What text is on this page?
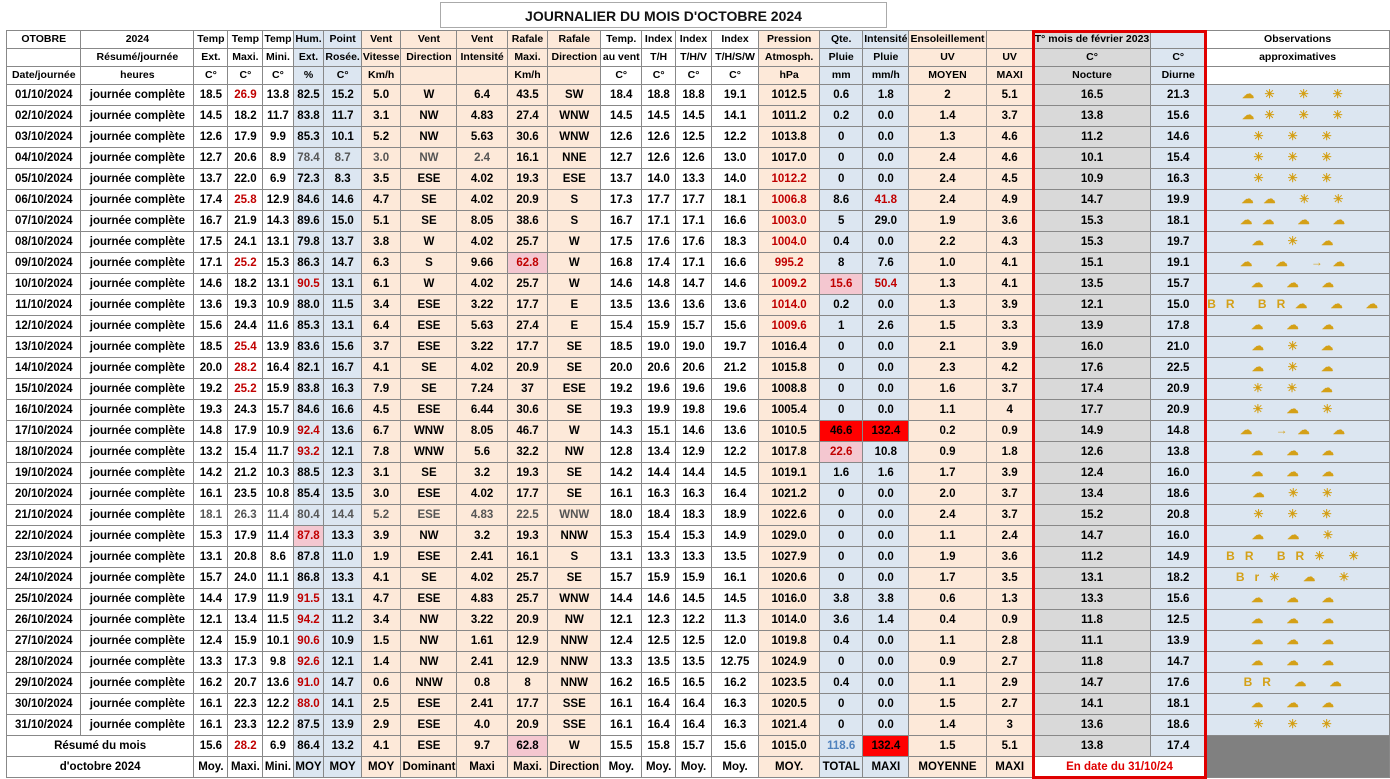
JOURNALIER DU MOIS D'OCTOBRE 2024
OTOBRE	2024	Temp	Temp	Temp	Hum.	Point	Vent	Vent	Vent	Rafale	Rafale	Temp.	Index	Index	Index	Pression	Qte.	Intensité	Ensoleillement		T° mois de février 2023		Observations
	Résumé/journée	Ext.	Maxi.	Mini.	Ext.	Rosée.	Vitesse	Direction	Intensité	Maxi.	Direction	au vent	T/H	T/H/V	T/H/S/W	Atmosph.	Pluie	Pluie	UV	UV	C°	C°	approximatives
Date/journée	heures	C°	C°	C°	%	C°	Km/h			Km/h		C°	C°	C°	C°	hPa	mm	mm/h	MOYEN	MAXI	Nocture	Diurne	
01/10/2024	journée complète	18.5	26.9	13.8	82.5	15.2	5.0	W	6.4	43.5	SW	18.4	18.8	18.8	19.1	1012.5	0.6	1.8	2	5.1	16.5	21.3	☁☀ ☀ ☀
02/10/2024	journée complète	14.5	18.2	11.7	83.8	11.7	3.1	NW	4.83	27.4	WNW	14.5	14.5	14.5	14.1	1011.2	0.2	0.0	1.4	3.7	13.8	15.6	☁☀ ☀ ☀
03/10/2024	journée complète	12.6	17.9	9.9	85.3	10.1	5.2	NW	5.63	30.6	WNW	12.6	12.6	12.5	12.2	1013.8	0	0.0	1.3	4.6	11.2	14.6	☀ ☀ ☀
04/10/2024	journée complète	12.7	20.6	8.9	78.4	8.7	3.0	NW	2.4	16.1	NNE	12.7	12.6	12.6	13.0	1017.0	0	0.0	2.4	4.6	10.1	15.4	☀ ☀ ☀
05/10/2024	journée complète	13.7	22.0	6.9	72.3	8.3	3.5	ESE	4.02	19.3	ESE	13.7	14.0	13.3	14.0	1012.2	0	0.0	2.4	4.5	10.9	16.3	☀ ☀ ☀
06/10/2024	journée complète	17.4	25.8	12.9	84.6	14.6	4.7	SE	4.02	20.9	S	17.3	17.7	17.7	18.1	1006.8	8.6	41.8	2.4	4.9	14.7	19.9	☁☁ ☀ ☀
07/10/2024	journée complète	16.7	21.9	14.3	89.6	15.0	5.1	SE	8.05	38.6	S	16.7	17.1	17.1	16.6	1003.0	5	29.0	1.9	3.6	15.3	18.1	☁☁ ☁ ☁
08/10/2024	journée complète	17.5	24.1	13.1	79.8	13.7	3.8	W	4.02	25.7	W	17.5	17.6	17.6	18.3	1004.0	0.4	0.0	2.2	4.3	15.3	19.7	☁ ☀ ☁
09/10/2024	journée complète	17.1	25.2	15.3	86.3	14.7	6.3	S	9.66	62.8	W	16.8	17.4	17.1	16.6	995.2	8	7.6	1.0	4.1	15.1	19.1	☁ ☁ →☁
10/10/2024	journée complète	14.6	18.2	13.1	90.5	13.1	6.1	W	4.02	25.7	W	14.6	14.8	14.7	14.6	1009.2	15.6	50.4	1.3	4.1	13.5	15.7	☁ ☁ ☁
11/10/2024	journée complète	13.6	19.3	10.9	88.0	11.5	3.4	ESE	3.22	17.7	E	13.5	13.6	13.6	13.6	1014.0	0.2	0.0	1.3	3.9	12.1	15.0	BR BR☁ ☁ ☁
12/10/2024	journée complète	15.6	24.4	11.6	85.3	13.1	6.4	ESE	5.63	27.4	E	15.4	15.9	15.7	15.6	1009.6	1	2.6	1.5	3.3	13.9	17.8	☁ ☁ ☁
13/10/2024	journée complète	18.5	25.4	13.9	83.6	15.6	3.7	ESE	3.22	17.7	SE	18.5	19.0	19.0	19.7	1016.4	0	0.0	2.1	3.9	16.0	21.0	☁ ☀ ☁
14/10/2024	journée complète	20.0	28.2	16.4	82.1	16.7	4.1	SE	4.02	20.9	SE	20.0	20.6	20.6	21.2	1015.8	0	0.0	2.3	4.2	17.6	22.5	☁ ☀ ☁
15/10/2024	journée complète	19.2	25.2	15.9	83.8	16.3	7.9	SE	7.24	37	ESE	19.2	19.6	19.6	19.6	1008.8	0	0.0	1.6	3.7	17.4	20.9	☀ ☀ ☁
16/10/2024	journée complète	19.3	24.3	15.7	84.6	16.6	4.5	ESE	6.44	30.6	SE	19.3	19.9	19.8	19.6	1005.4	0	0.0	1.1	4	17.7	20.9	☀ ☁ ☀
17/10/2024	journée complète	14.8	17.9	10.9	92.4	13.6	6.7	WNW	8.05	46.7	W	14.3	15.1	14.6	13.6	1010.5	46.6	132.4	0.2	0.9	14.9	14.8	☁ →☁ ☁
18/10/2024	journée complète	13.2	15.4	11.7	93.2	12.1	7.8	WNW	5.6	32.2	NW	12.8	13.4	12.9	12.2	1017.8	22.6	10.8	0.9	1.8	12.6	13.8	☁ ☁ ☁
19/10/2024	journée complète	14.2	21.2	10.3	88.5	12.3	3.1	SE	3.2	19.3	SE	14.2	14.4	14.4	14.5	1019.1	1.6	1.6	1.7	3.9	12.4	16.0	☁ ☁ ☁
20/10/2024	journée complète	16.1	23.5	10.8	85.4	13.5	3.0	ESE	4.02	17.7	SE	16.1	16.3	16.3	16.4	1021.2	0	0.0	2.0	3.7	13.4	18.6	☁ ☀ ☀
21/10/2024	journée complète	18.1	26.3	11.4	80.4	14.4	5.2	ESE	4.83	22.5	WNW	18.0	18.4	18.3	18.9	1022.6	0	0.0	2.4	3.7	15.2	20.8	☀ ☀ ☀
22/10/2024	journée complète	15.3	17.9	11.4	87.8	13.3	3.9	NW	3.2	19.3	NNW	15.3	15.4	15.3	14.9	1029.0	0	0.0	1.1	2.4	14.7	16.0	☁ ☁ ☀
23/10/2024	journée complète	13.1	20.8	8.6	87.8	11.0	1.9	ESE	2.41	16.1	S	13.1	13.3	13.3	13.5	1027.9	0	0.0	1.9	3.6	11.2	14.9	BR BR☀ ☀
24/10/2024	journée complète	15.7	24.0	11.1	86.8	13.3	4.1	SE	4.02	25.7	SE	15.7	15.9	15.9	16.1	1020.6	0	0.0	1.7	3.5	13.1	18.2	Br☀ ☁ ☀
25/10/2024	journée complète	14.4	17.9	11.9	91.5	13.1	4.7	ESE	4.83	25.7	WNW	14.4	14.6	14.5	14.5	1016.0	3.8	3.8	0.6	1.3	13.3	15.6	☁ ☁ ☁
26/10/2024	journée complète	12.1	13.4	11.5	94.2	11.2	3.4	NW	3.22	20.9	NW	12.1	12.3	12.2	11.3	1014.0	3.6	1.4	0.4	0.9	11.8	12.5	☁ ☁ ☁
27/10/2024	journée complète	12.4	15.9	10.1	90.6	10.9	1.5	NW	1.61	12.9	NNW	12.4	12.5	12.5	12.0	1019.8	0.4	0.0	1.1	2.8	11.1	13.9	☁ ☁ ☁
28/10/2024	journée complète	13.3	17.3	9.8	92.6	12.1	1.4	NW	2.41	12.9	NNW	13.3	13.5	13.5	12.75	1024.9	0	0.0	0.9	2.7	11.8	14.7	☁ ☁ ☁
29/10/2024	journée complète	16.2	20.7	13.6	91.0	14.7	0.6	NNW	0.8	8	NNW	16.2	16.5	16.5	16.2	1023.5	0.4	0.0	1.1	2.9	14.7	17.6	BR ☁ ☁
30/10/2024	journée complète	16.1	22.3	12.2	88.0	14.1	2.5	ESE	2.41	17.7	SSE	16.1	16.4	16.4	16.3	1020.5	0	0.0	1.5	2.7	14.1	18.1	☁ ☁ ☁
31/10/2024	journée complète	16.1	23.3	12.2	87.5	13.9	2.9	ESE	4.0	20.9	SSE	16.1	16.4	16.4	16.3	1021.4	0	0.0	1.4	3	13.6	18.6	☀ ☀ ☀
Résumé du mois		15.6	28.2	6.9	86.4	13.2	4.1	ESE	9.7	62.8	W	15.5	15.8	15.7	15.6	1015.0	118.6	132.4	1.5	5.1	13.8	17.4	
d'octobre 2024		Moy.	Maxi.	Mini.	MOY	MOY	MOY	Dominant	Maxi	Maxi.	Direction	Moy.	Moy.	Moy.	Moy.	MOY.	TOTAL	MAXI	MOYENNE	MAXI	En date du 31/10/24		
